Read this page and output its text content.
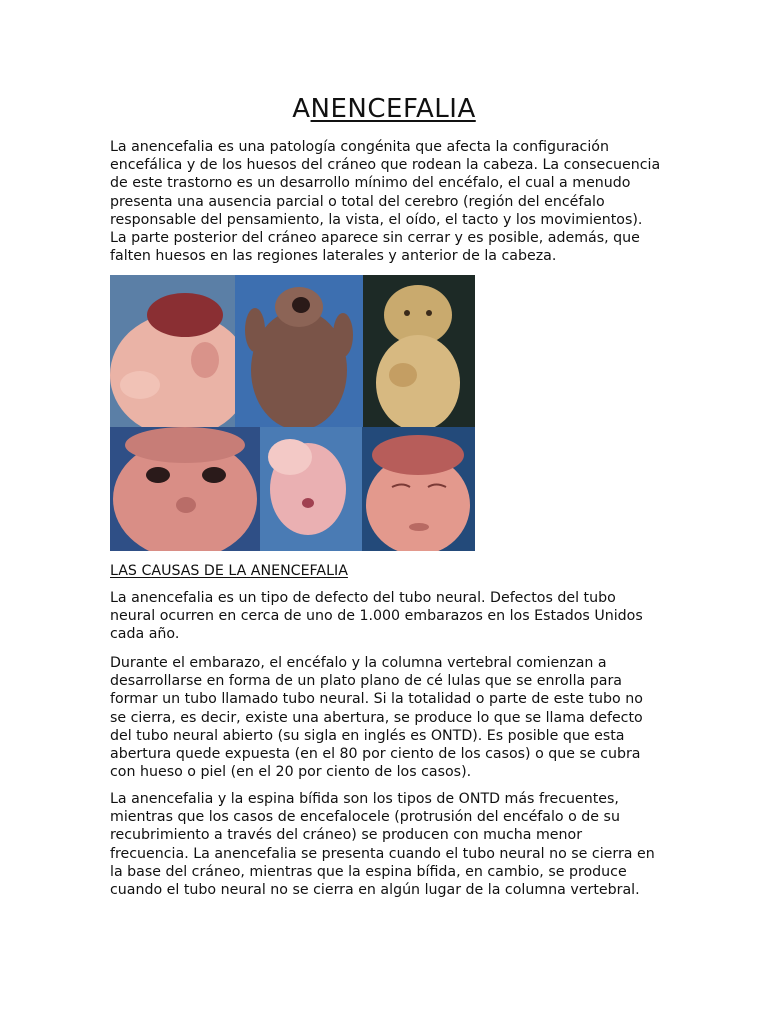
ANENCEFALIA

La anencefalia es una patología congénita que afecta la configuración encefálica y de los huesos del cráneo que rodean la cabeza. La consecuencia de este trastorno es un desarrollo mínimo del encéfalo, el cual a menudo presenta una ausencia parcial o total del cerebro (región del encéfalo responsable del pensamiento, la vista, el oído, el tacto y los movimientos). La parte posterior del cráneo aparece sin cerrar y es posible, además, que falten huesos en las regiones laterales y anterior de la cabeza.

LAS CAUSAS DE LA ANENCEFALIA

La anencefalia es un tipo de defecto del tubo neural. Defectos del tubo neural ocurren en cerca de uno de 1.000 embarazos en los Estados Unidos cada año.

Durante el embarazo, el encéfalo y la columna vertebral comienzan a desarrollarse en forma de un plato plano de cé lulas que se enrolla para formar un tubo llamado tubo neural. Si la totalidad o parte de este tubo no se cierra, es decir, existe una abertura, se produce lo que se llama defecto del tubo neural abierto (su sigla en inglés es ONTD). Es posible que esta abertura quede expuesta (en el 80 por ciento de los casos) o que se cubra con hueso o piel (en el 20 por ciento de los casos).

La anencefalia y la espina bífida son los tipos de ONTD más frecuentes, mientras que los casos de encefalocele (protrusión del encéfalo o de su recubrimiento a través del cráneo) se producen con mucha menor frecuencia. La anencefalia se presenta cuando el tubo neural no se cierra en la base del cráneo, mientras que la espina bífida, en cambio, se produce cuando el tubo neural no se cierra en algún lugar de la columna vertebral.
